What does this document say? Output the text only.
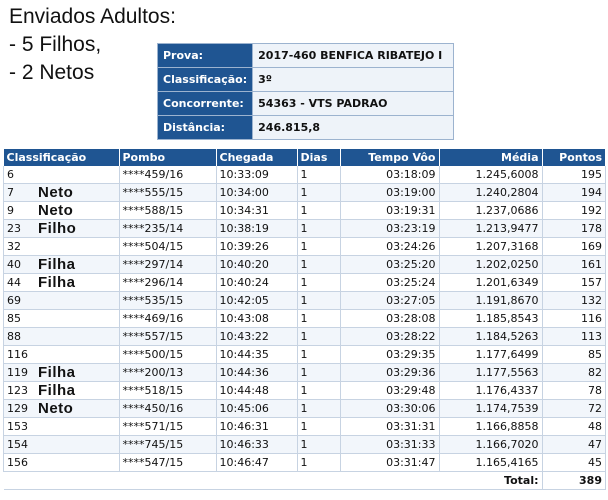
Enviados Adultos:
- 5 Filhos,
- 2 Netos
Prova:	2017-460 BENFICA RIBATEJO I
Classificação:	3º
Concorrente:	54363 - VTS PADRAO
Distância:	246.815,8
Classificação	Pombo	Chegada	Dias	Tempo Vôo	Média	Pontos
6	****459/16	10:33:09	1	03:18:09	1.245,6008	195
7 Neto	****555/15	10:34:00	1	03:19:00	1.240,2804	194
9 Neto	****588/15	10:34:31	1	03:19:31	1.237,0686	192
23 Filho	****235/14	10:38:19	1	03:23:19	1.213,9477	178
32	****504/15	10:39:26	1	03:24:26	1.207,3168	169
40 Filha	****297/14	10:40:20	1	03:25:20	1.202,0250	161
44 Filha	****296/14	10:40:24	1	03:25:24	1.201,6349	157
69	****535/15	10:42:05	1	03:27:05	1.191,8670	132
85	****469/16	10:43:08	1	03:28:08	1.185,8543	116
88	****557/15	10:43:22	1	03:28:22	1.184,5263	113
116	****500/15	10:44:35	1	03:29:35	1.177,6499	85
119 Filha	****200/13	10:44:36	1	03:29:36	1.177,5563	82
123 Filha	****518/15	10:44:48	1	03:29:48	1.176,4337	78
129 Neto	****450/16	10:45:06	1	03:30:06	1.174,7539	72
153	****571/15	10:46:31	1	03:31:31	1.166,8858	48
154	****745/15	10:46:33	1	03:31:33	1.166,7020	47
156	****547/15	10:46:47	1	03:31:47	1.165,4165	45
					Total:	389
